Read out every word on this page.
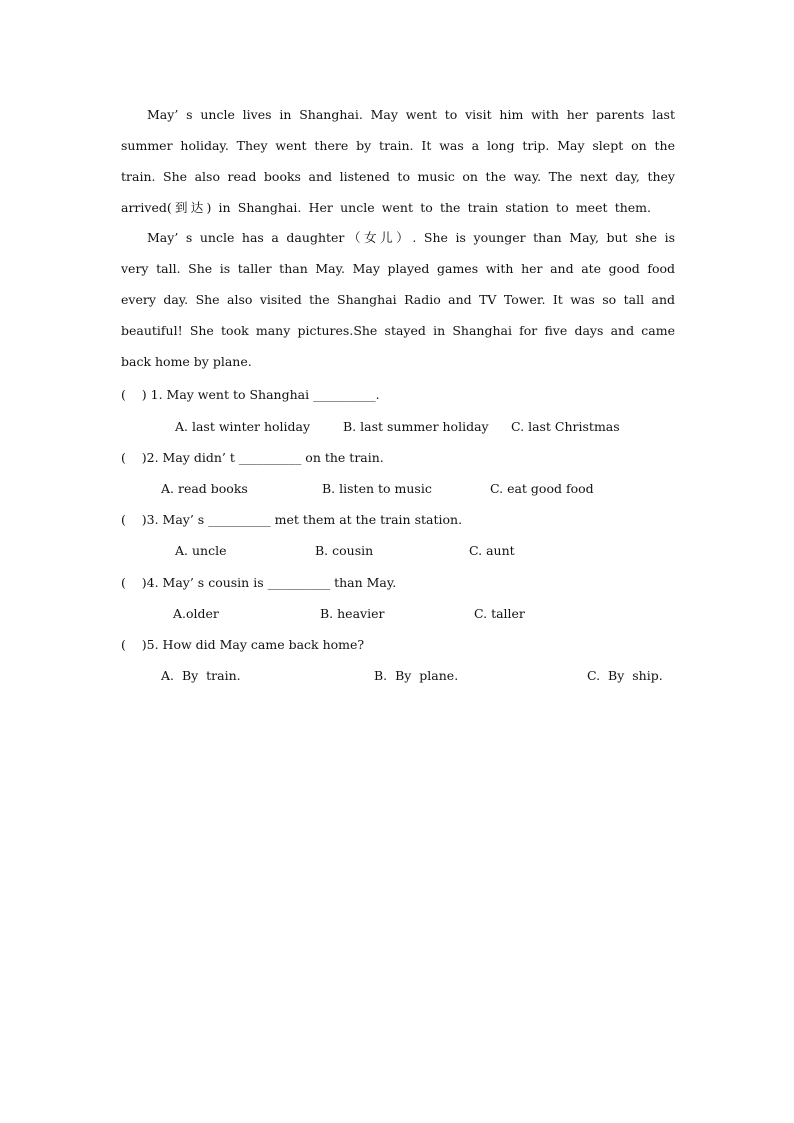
May’ s uncle lives in Shanghai. May went to visit him with her parents last
summer holiday. They went there by train. It was a long trip. May slept on the
train. She also read books and listened to music on the way. The next day, they
arrived(到达) in Shanghai. Her uncle went to the train station to meet them.
May’ s uncle has a daughter（女儿）. She is younger than May, but she is
very tall. She is taller than May. May played games with her and ate good food
every day. She also visited the Shanghai Radio and TV Tower. It was so tall and
beautiful! She took many pictures.She stayed in Shanghai for five days and came
back home by plane.
(    ) 1. May went to Shanghai __________.
A. last winter holiday	B. last summer holiday C. last Christmas
(    )2. May didn’ t __________ on the train.
A. read books	B. listen to music	C. eat good food
(    )3. May’ s __________ met them at the train station.
A. uncle	B. cousin	C. aunt
(    )4. May’ s cousin is __________ than May.
A.older	B. heavier	C. taller
(    )5. How did May came back home?
A.  By  train.	B.  By  plane.	C.  By  ship.
